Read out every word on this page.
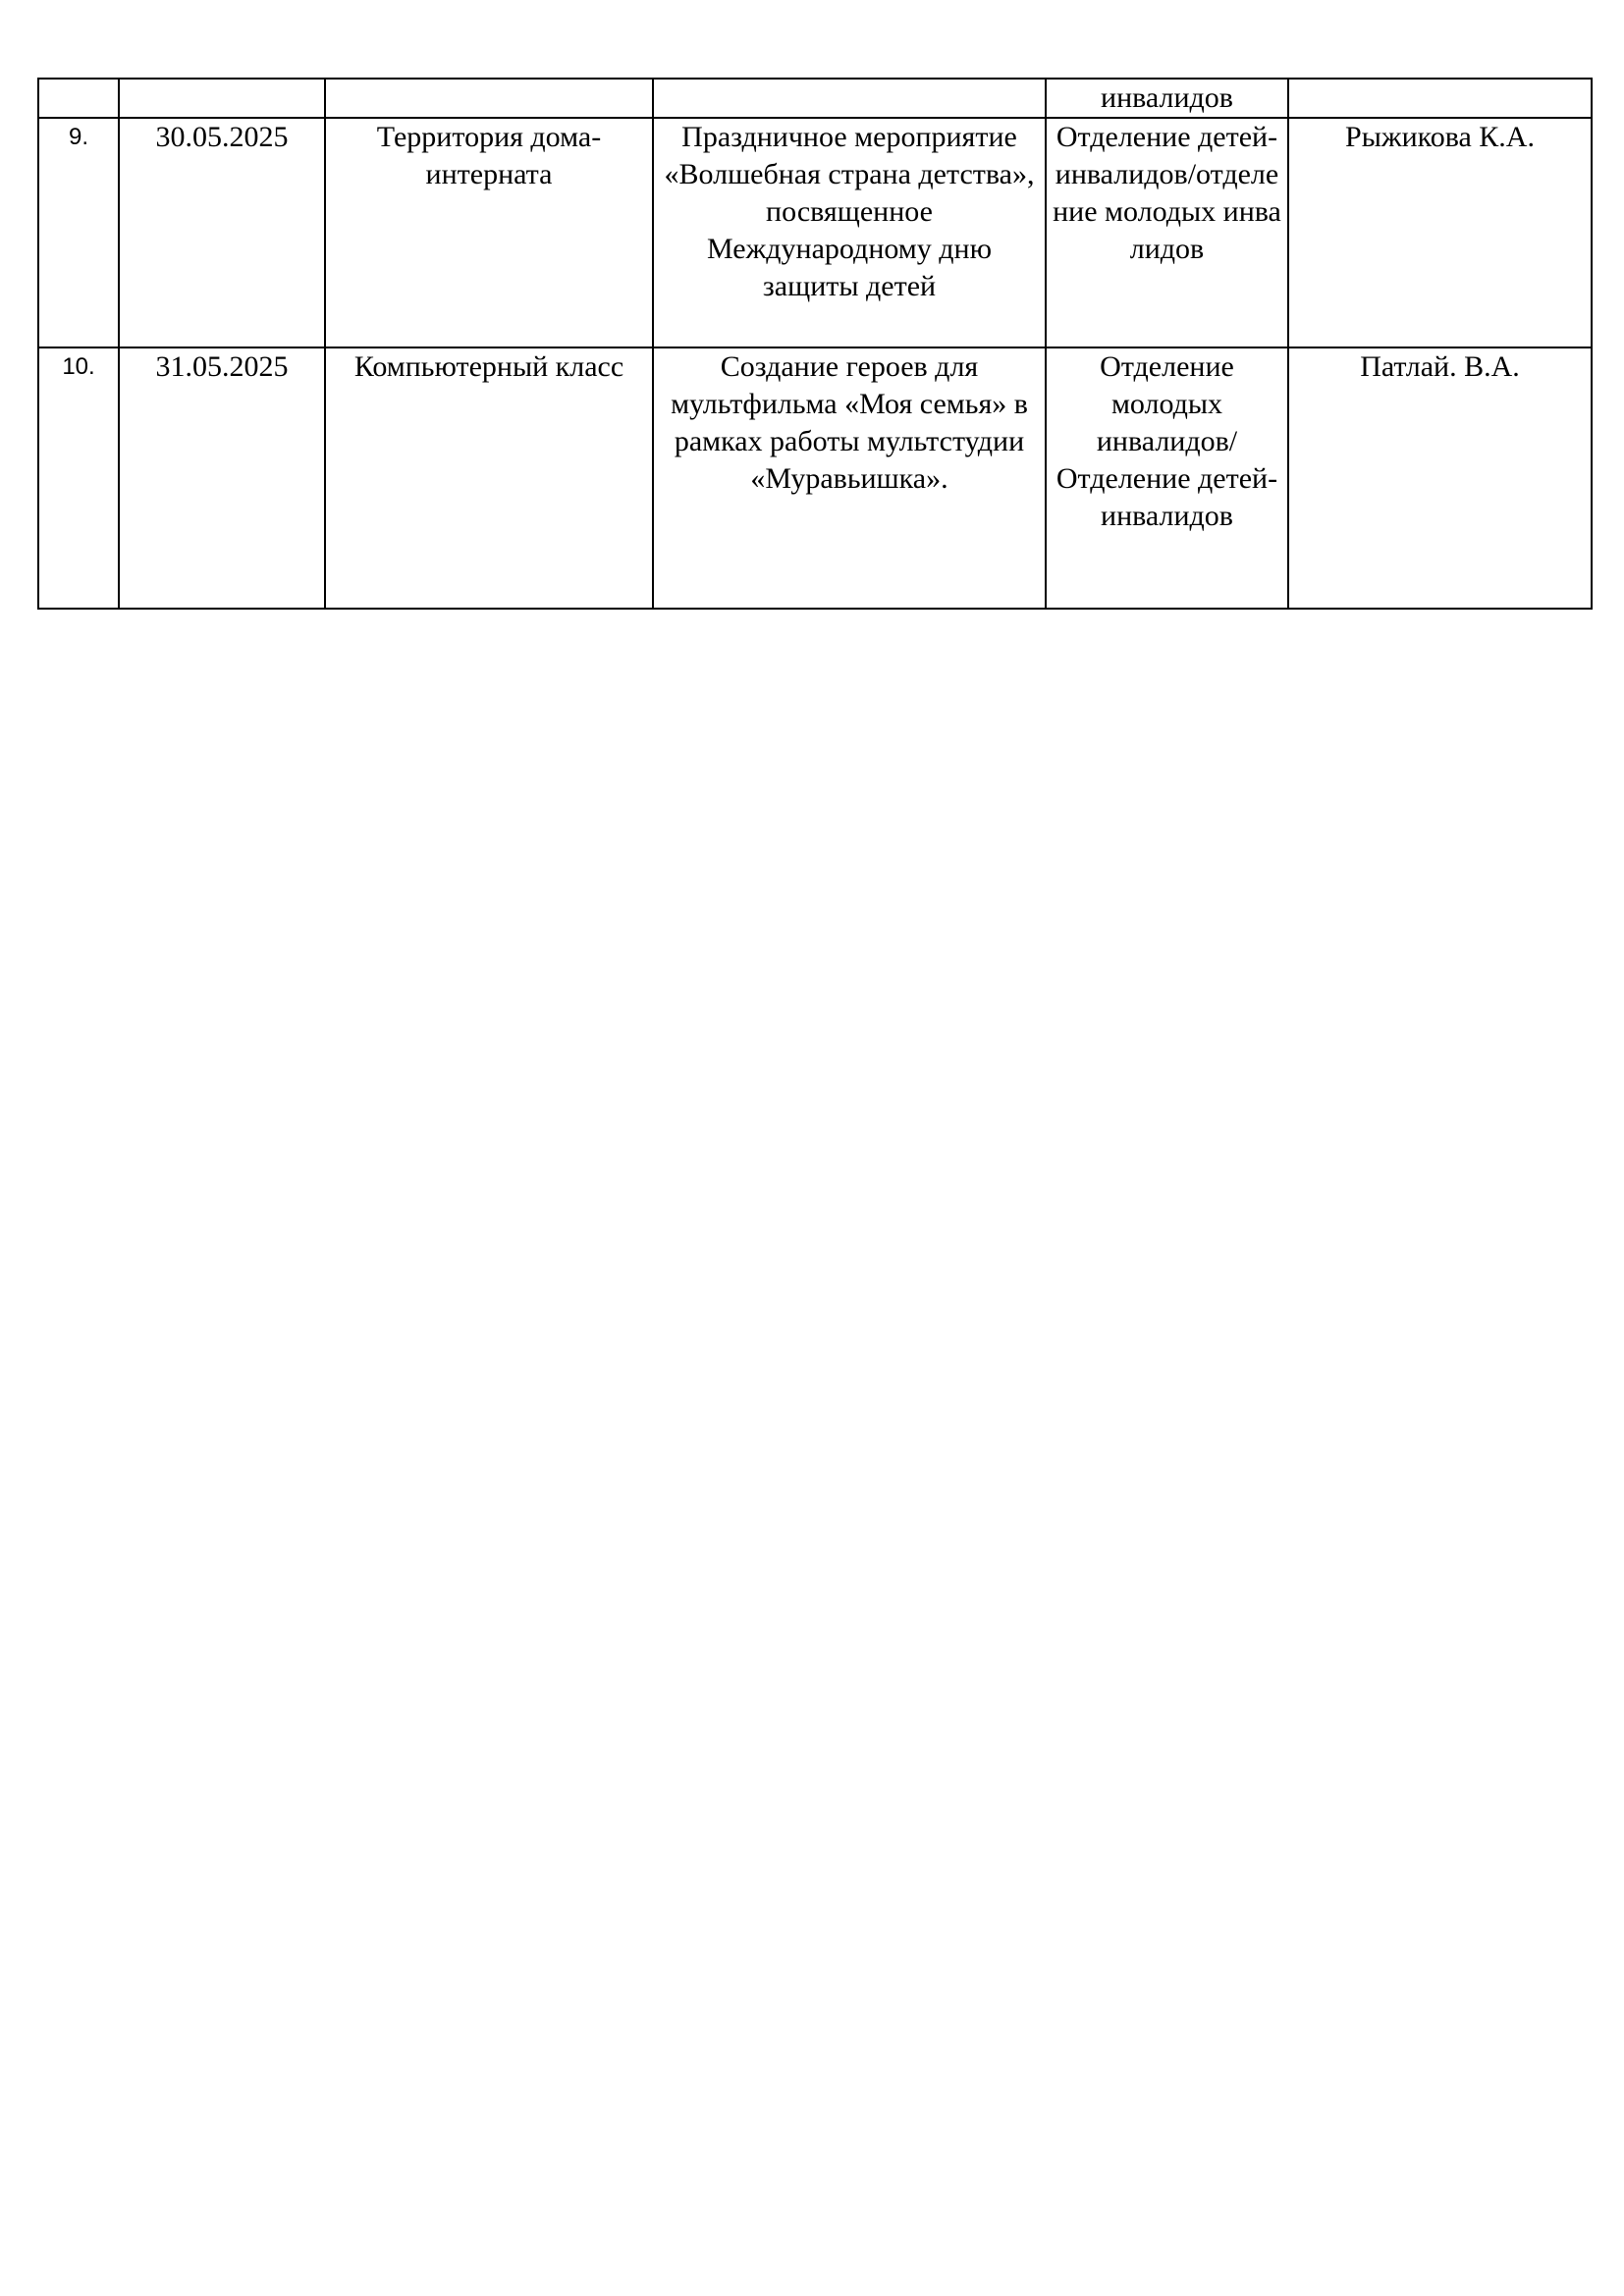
				инвалидов	
9.	30.05.2025	Территория дома-интерната	Праздничное мероприятие «Волшебная страна детства», посвященное Международному дню защиты детей	Отделение детей-инвалидов/отделение молодых инвалидов	Рыжикова К.А.
10.	31.05.2025	Компьютерный класс	Создание героев для мультфильма «Моя семья» в рамках работы мультстудии «Муравьишка».	Отделение молодых инвалидов/ Отделение детей-инвалидов	Патлай. В.А.
